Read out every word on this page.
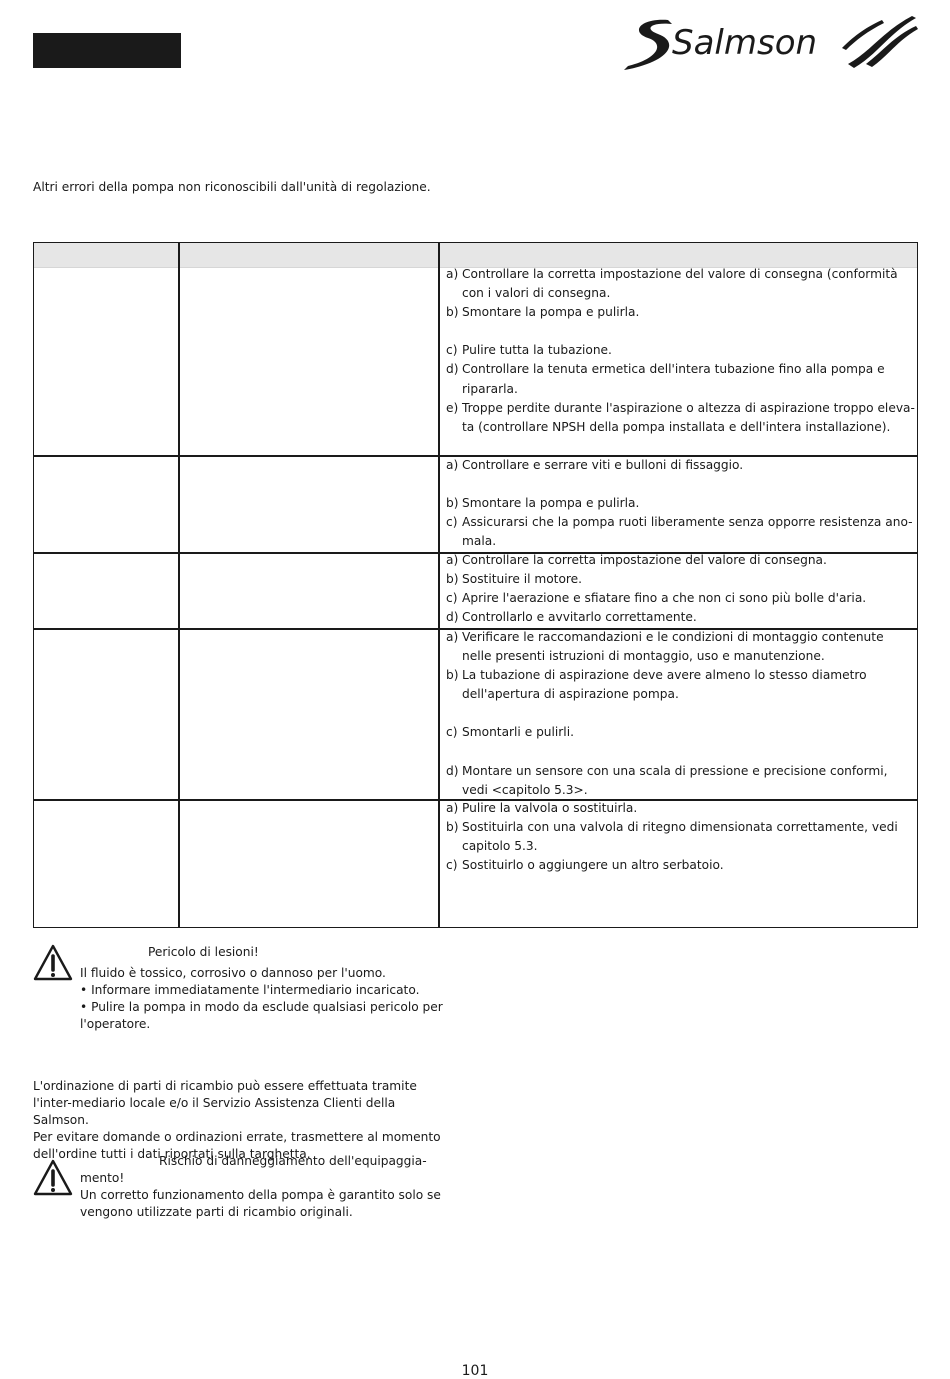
Salmson
Altri errori della pompa non riconoscibili dall'unità di regolazione.
a) Controllare la corretta impostazione del valore di consegna (conformità con i valori di consegna.
b) Smontare la pompa e pulirla.
c) Pulire tutta la tubazione.
d) Controllare la tenuta ermetica dell'intera tubazione fino alla pompa e ripararla.
e) Troppe perdite durante l'aspirazione o altezza di aspirazione troppo eleva-ta (controllare NPSH della pompa installata e dell'intera installazione).
a) Controllare e serrare viti e bulloni di fissaggio.
b) Smontare la pompa e pulirla.
c) Assicurarsi che la pompa ruoti liberamente senza opporre resistenza ano-mala.
a) Controllare la corretta impostazione del valore di consegna.
b) Sostituire il motore.
c) Aprire l'aerazione e sfiatare fino a che non ci sono più bolle d'aria.
d) Controllarlo e avvitarlo correttamente.
a) Verificare le raccomandazioni e le condizioni di montaggio contenute nelle presenti istruzioni di montaggio, uso e manutenzione.
b) La tubazione di aspirazione deve avere almeno lo stesso diametro dell'apertura di aspirazione pompa.
c) Smontarli e pulirli.
d) Montare un sensore con una scala di pressione e precisione conformi, vedi <capitolo 5.3>.
a) Pulire la valvola o sostituirla.
b) Sostituirla con una valvola di ritegno dimensionata correttamente, vedi capitolo 5.3.
c) Sostituirlo o aggiungere un altro serbatoio.
Pericolo di lesioni!
Il fluido è tossico, corrosivo o dannoso per l'uomo.
• Informare immediatamente l'intermediario incaricato.
• Pulire la pompa in modo da esclude qualsiasi pericolo per l'operatore.
L'ordinazione di parti di ricambio può essere effettuata tramite l'inter-mediario locale e/o il Servizio Assistenza Clienti della Salmson.
Per evitare domande o ordinazioni errate, trasmettere al momento dell'ordine tutti i dati riportati sulla targhetta.
Rischio di danneggiamento dell'equipaggia-
mento!
Un corretto funzionamento della pompa è garantito solo se vengono utilizzate parti di ricambio originali.
101
